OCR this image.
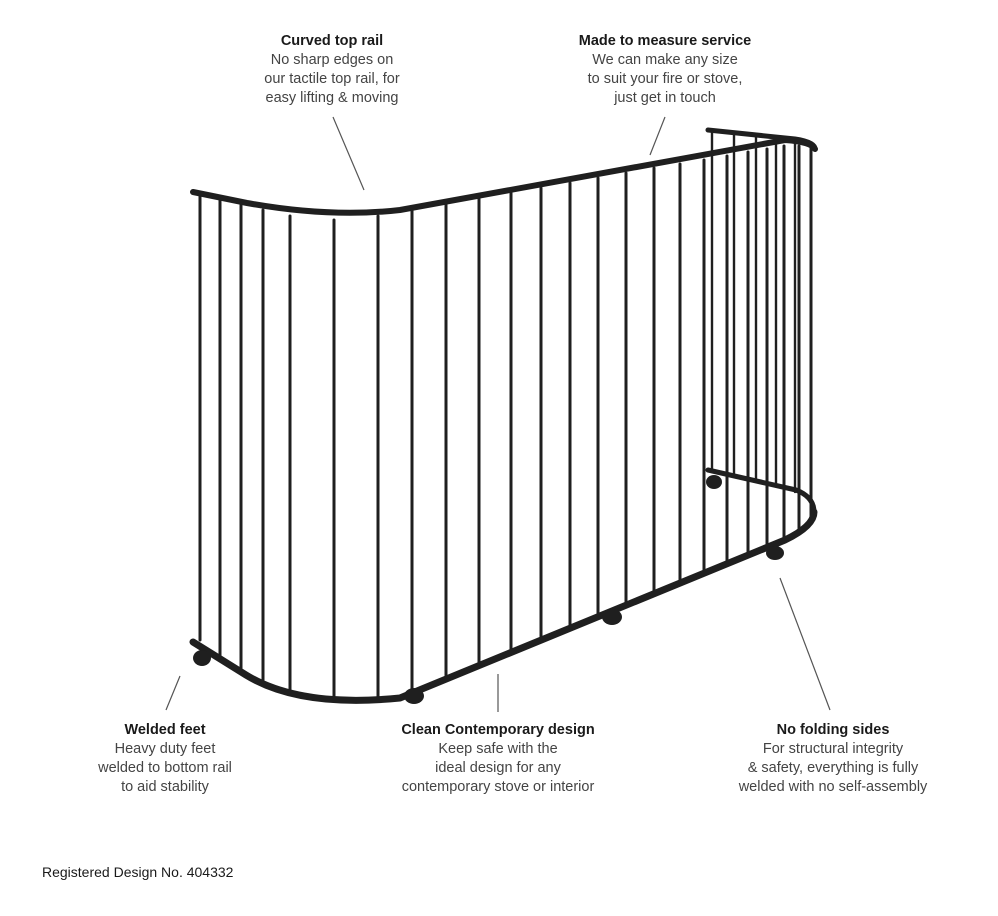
Curved top rail
No sharp edges on
our tactile top rail, for
easy lifting & moving
Made to measure service
We can make any size
to suit your fire or stove,
just get in touch
Welded feet
Heavy duty feet
welded to bottom rail
to aid stability
Clean Contemporary design
Keep safe with the
ideal design for any
contemporary stove or interior
No folding sides
For structural integrity
& safety, everything is fully
welded with no self-assembly
Registered Design No. 404332
